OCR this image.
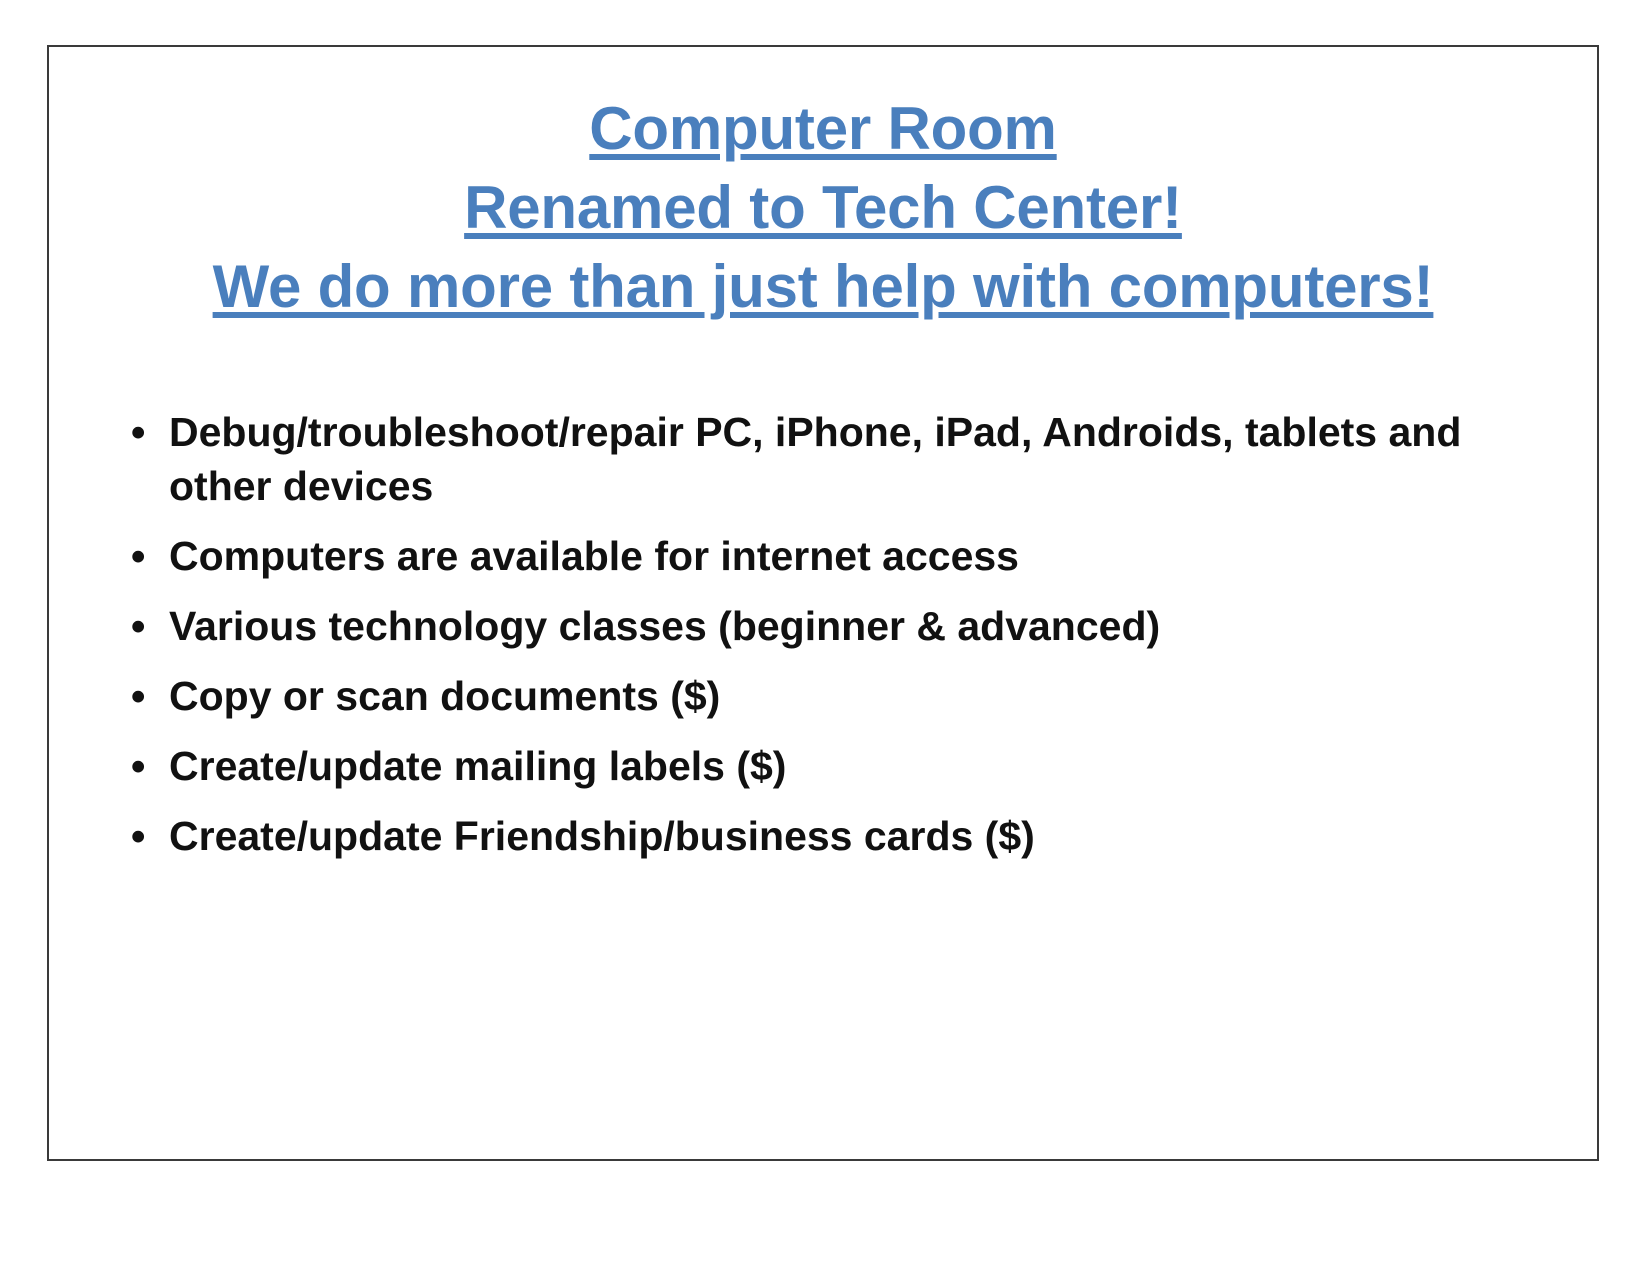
Computer Room
Renamed to Tech Center!
We do more than just help with computers!
• Debug/troubleshoot/repair PC, iPhone, iPad, Androids, tablets and other devices
• Computers are available for internet access
• Various technology classes (beginner & advanced)
• Copy or scan documents ($)
• Create/update mailing labels ($)
• Create/update Friendship/business cards ($)
